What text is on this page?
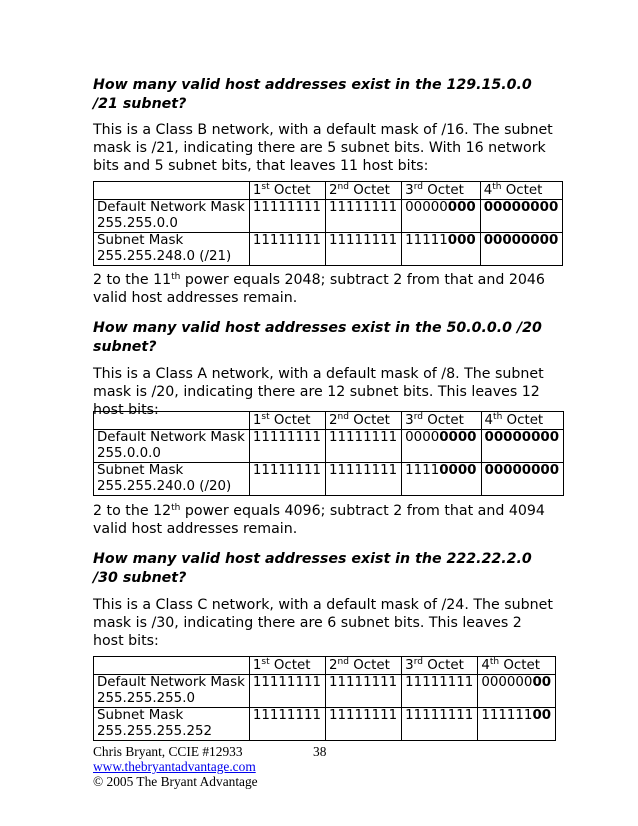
How many valid host addresses exist in the 129.15.0.0 /21 subnet?
This is a Class B network, with a default mask of /16. The subnet mask is /21, indicating there are 5 subnet bits. With 16 network bits and 5 subnet bits, that leaves 11 host bits:
	1st Octet	2nd Octet	3rd Octet	4th Octet
Default Network Mask
255.255.0.0	11111111	11111111	00000000	00000000
Subnet Mask
255.255.248.0 (/21)	11111111	11111111	11111000	00000000
2 to the 11th power equals 2048; subtract 2 from that and 2046 valid host addresses remain.
How many valid host addresses exist in the 50.0.0.0 /20 subnet?
This is a Class A network, with a default mask of /8. The subnet mask is /20, indicating there are 12 subnet bits. This leaves 12 host bits:
	1st Octet	2nd Octet	3rd Octet	4th Octet
Default Network Mask
255.0.0.0	11111111	11111111	00000000	00000000
Subnet Mask
255.255.240.0 (/20)	11111111	11111111	11110000	00000000
2 to the 12th power equals 4096; subtract 2 from that and 4094 valid host addresses remain.
How many valid host addresses exist in the 222.22.2.0 /30 subnet?
This is a Class C network, with a default mask of /24. The subnet mask is /30, indicating there are 6 subnet bits. This leaves 2 host bits:
	1st Octet	2nd Octet	3rd Octet	4th Octet
Default Network Mask
255.255.255.0	11111111	11111111	11111111	00000000
Subnet Mask
255.255.255.252	11111111	11111111	11111111	11111100
Chris Bryant, CCIE #12933	38
www.thebryantadvantage.com
© 2005 The Bryant Advantage
